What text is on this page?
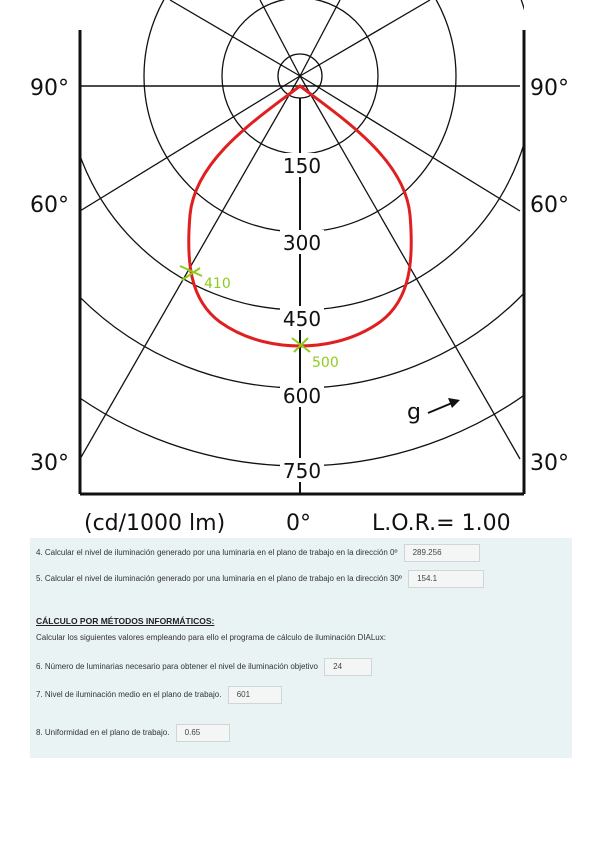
150
300
450
600
750
410
500
g
90°	90°
60°	60°
30°	30°
(cd/1000 lm)	0°	L.O.R.= 1.00
4. Calcular el nivel de iluminación generado por una luminaria en el plano de trabajo en la dirección 0º 289.256
5. Calcular el nivel de iluminación generado por una luminaria en el plano de trabajo en la dirección 30º 154.1
CÁLCULO POR MÉTODOS INFORMÁTICOS:
Calcular los siguientes valores empleando para ello el programa de cálculo de iluminación DIALux:
6. Número de luminarias necesario para obtener el nivel de iluminación objetivo 24
7. Nivel de iluminación medio en el plano de trabajo. 601
8. Uniformidad en el plano de trabajo. 0.65
